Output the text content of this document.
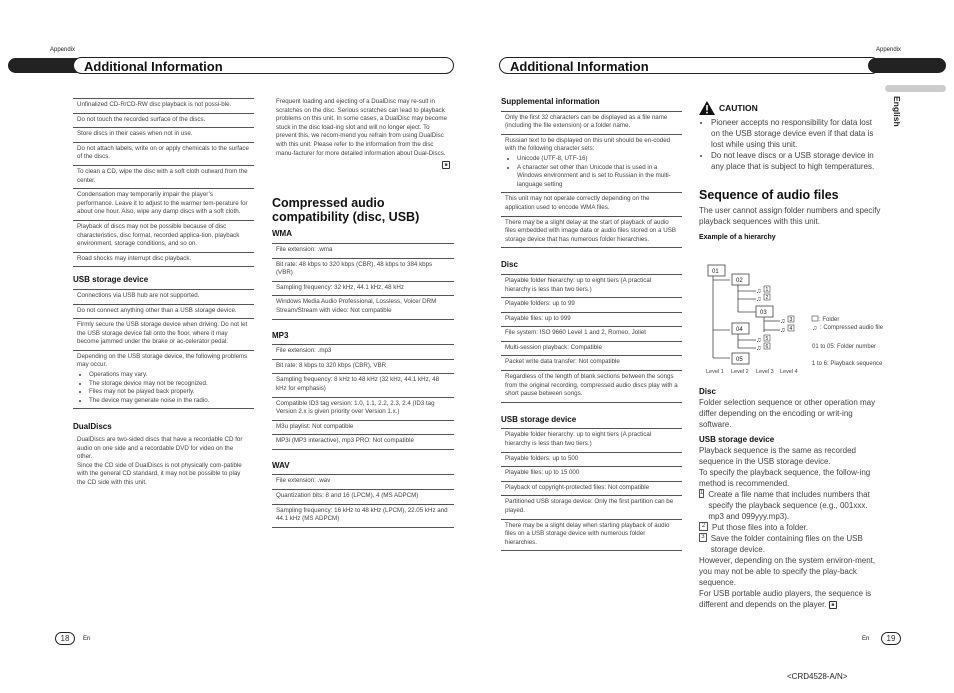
Appendix	Appendix
Additional Information	Additional Information
English
Unfinalized CD-R/CD-RW disc playback is not possi-ble.
Do not touch the recorded surface of the discs.
Store discs in their cases when not in use.
Do not attach labels, write on or apply chemicals to the surface of the discs.
To clean a CD, wipe the disc with a soft cloth outward from the center.
Condensation may temporarily impair the player’s performance. Leave it to adjust to the warmer tem-perature for about one hour. Also, wipe any damp discs with a soft cloth.
Playback of discs may not be possible because of disc characteristics, disc format, recorded applica-tion, playback environment, storage conditions, and so on.
Road shocks may interrupt disc playback.
USB storage device
Connections via USB hub are not supported.
Do not connect anything other than a USB storage device.
Firmly secure the USB storage device when driving. Do not let the USB storage device fall onto the floor, where it may become jammed under the brake or ac-celerator pedal.
Depending on the USB storage device, the following problems may occur.
• Operations may vary.
• The storage device may not be recognized.
• Files may not be played back properly.
• The device may generate noise in the radio.
DualDiscs
DualDiscs are two-sided discs that have a recordable CD for audio on one side and a recordable DVD for video on the other.
Since the CD side of DualDiscs is not physically com-patible with the general CD standard, it may not be possible to play the CD side with this unit.
Frequent loading and ejecting of a DualDisc may re-sult in scratches on the disc. Serious scratches can lead to playback problems on this unit. In some cases, a DualDisc may become stuck in the disc load-ing slot and will no longer eject. To prevent this, we recom-mend you refrain from using DualDisc with this unit. Please refer to the information from the disc manu-facturer for more detailed information about Dual-Discs.
■
Compressed audio compatibility (disc, USB)
WMA
File extension: .wma
Bit rate: 48 kbps to 320 kbps (CBR), 48 kbps to 384 kbps (VBR)
Sampling frequency: 32 kHz, 44.1 kHz, 48 kHz
Windows Media Audio Professional, Lossless, Voice/ DRM Stream/Stream with video: Not compatible
MP3
File extension: .mp3
Bit rate: 8 kbps to 320 kbps (CBR), VBR
Sampling frequency: 8 kHz to 48 kHz (32 kHz, 44.1 kHz, 48 kHz for emphasis)
Compatible ID3 tag version: 1.0, 1.1, 2.2, 2.3, 2.4 (ID3 tag Version 2.x is given priority over Version 1.x.)
M3u playlist: Not compatible
MP3i (MP3 interactive), mp3 PRO: Not compatible
WAV
File extension: .wav
Quantization bits: 8 and 16 (LPCM), 4 (MS ADPCM)
Sampling frequency: 16 kHz to 48 kHz (LPCM), 22.05 kHz and 44.1 kHz (MS ADPCM)
Supplemental information
Only the first 32 characters can be displayed as a file name (including the file extension) or a folder name.
Russian text to be displayed on this unit should be en-coded with the following character sets:
• Unicode (UTF-8, UTF-16)
• A character set other than Unicode that is used in a Windows environment and is set to Russian in the multi-language setting
This unit may not operate correctly depending on the application used to encode WMA files.
There may be a slight delay at the start of playback of audio files embedded with image data or audio files stored on a USB storage device that has numerous folder hierarchies.
Disc
Playable folder hierarchy: up to eight tiers (A practical hierarchy is less than two tiers.)
Playable folders: up to 99
Playable files: up to 999
File system: ISO 9660 Level 1 and 2, Romeo, Joliet
Multi-session playback: Compatible
Packet write data transfer: Not compatible
Regardless of the length of blank sections between the songs from the original recording, compressed audio discs play with a short pause between songs.
USB storage device
Playable folder hierarchy: up to eight tiers (A practical hierarchy is less than two tiers.)
Playable folders: up to 500
Playable files: up to 15 000
Playback of copyright-protected files: Not compatible
Partitioned USB storage device: Only the first partition can be played.
There may be a slight delay when starting playback of audio files on a USB storage device with numerous folder hierarchies.
CAUTION
• Pioneer accepts no responsibility for data lost on the USB storage device even if that data is lost while using this unit.
• Do not leave discs or a USB storage device in any place that is subject to high temperatures.
Sequence of audio files
The user cannot assign folder numbers and specify playback sequences with this unit.
Example of a hierarchy
01
02
03
04
05
♫ 1
♫ 2
♫ 3
♫ 4
♫ 5
♫ 6
Level 1 Level 2 Level 3 Level 4
: Folder
♫ : Compressed audio file
01 to 05: Folder number
1 to 6: Playback sequence
Disc
Folder selection sequence or other operation may differ depending on the encoding or writ-ing software.
USB storage device
Playback sequence is the same as recorded sequence in the USB storage device.
To specify the playback sequence, the follow-ing method is recommended.
1 Create a file name that includes numbers that specify the playback sequence (e.g., 001xxx. mp3 and 099yyy.mp3).
2 Put those files into a folder.
3 Save the folder containing files on the USB storage device.
However, depending on the system environ-ment, you may not be able to specify the play-back sequence.
For USB portable audio players, the sequence is different and depends on the player. ■
18	En	En	19
<CRD4528-A/N>
